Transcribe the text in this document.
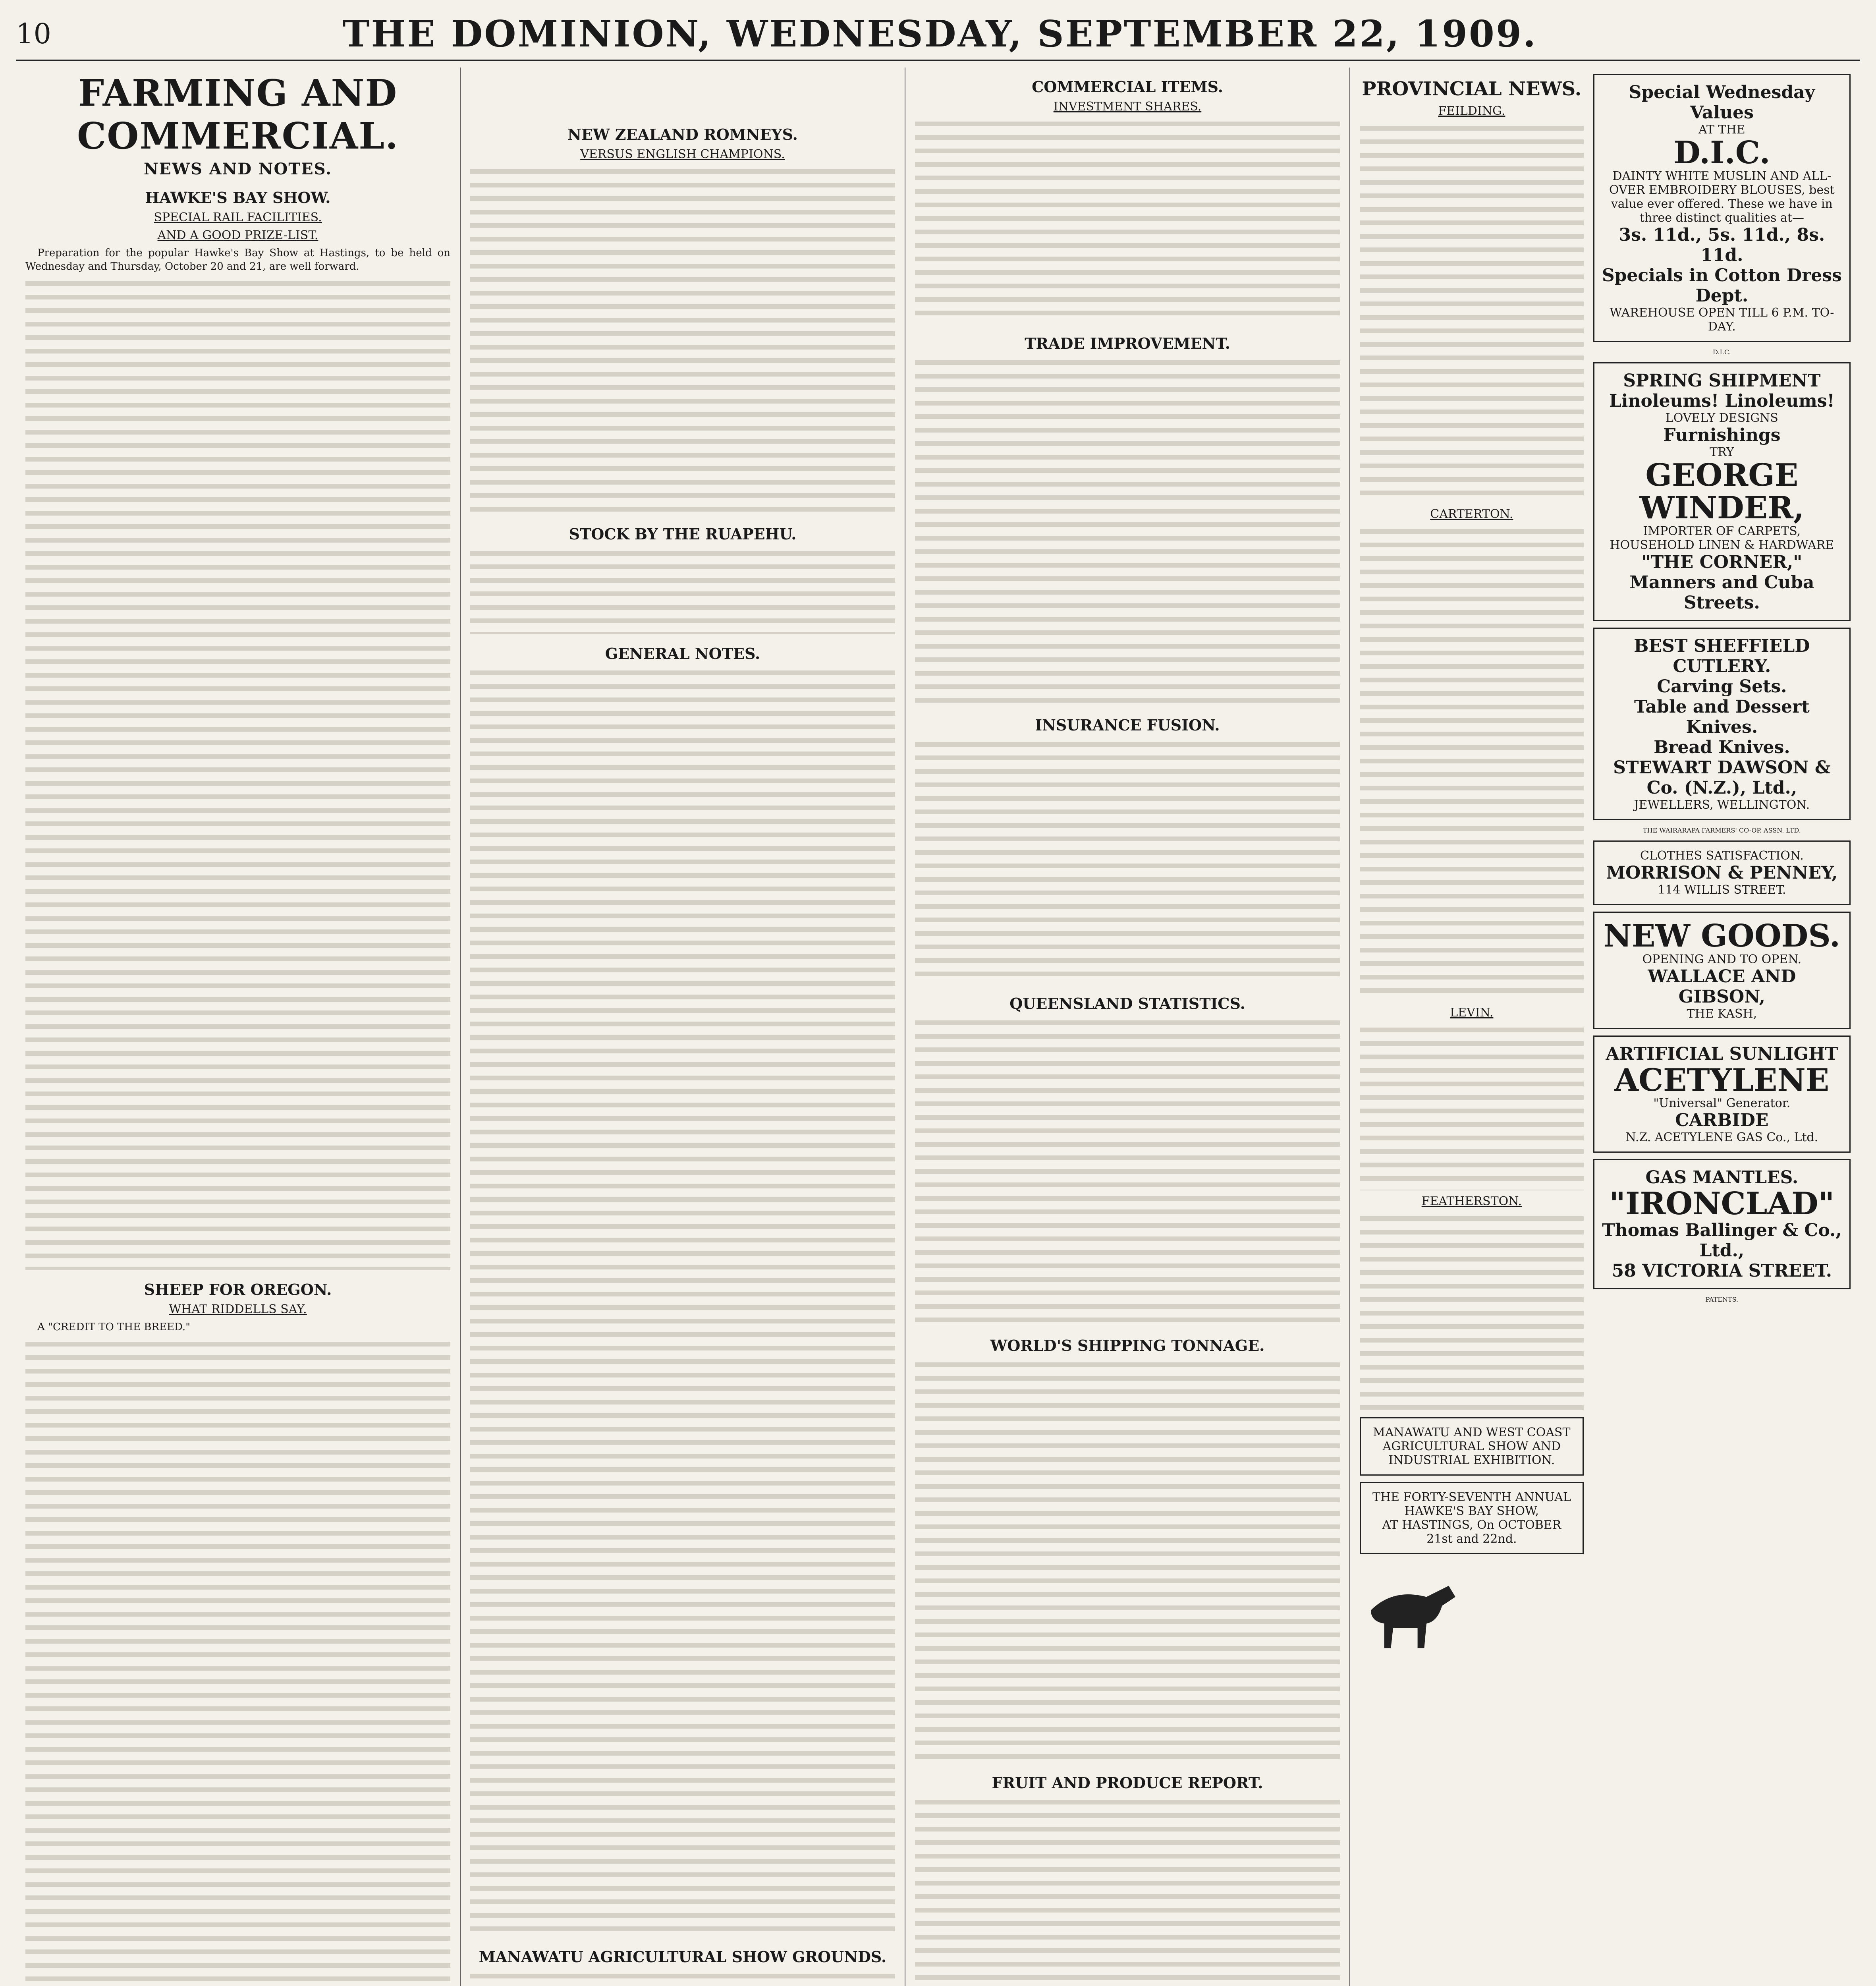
10	THE DOMINION, WEDNESDAY, SEPTEMBER 22, 1909.
FARMING AND COMMERCIAL.
NEWS AND NOTES.
HAWKE'S BAY SHOW.
SPECIAL RAIL FACILITIES.
AND A GOOD PRIZE-LIST.

Preparation for the popular Hawke's Bay Show at Hastings, to be held on Wednesday and Thursday, October 20 and 21, are well forward.

SHEEP FOR OREGON.
WHAT RIDDELLS SAY.

A "CREDIT TO THE BREED."

NEW ZEALAND ROMNEYS.
VERSUS ENGLISH CHAMPIONS.
STOCK BY THE RUAPEHU.
GENERAL NOTES.
MANAWATU AGRICULTURAL SHOW GROUNDS.
COMMERCIAL ITEMS.
INVESTMENT SHARES.
TRADE IMPROVEMENT.
INSURANCE FUSION.
QUEENSLAND STATISTICS.
WORLD'S SHIPPING TONNAGE.
FRUIT AND PRODUCE REPORT.
PROVINCIAL NEWS.
FEILDING.
CARTERTON.
LEVIN.
FEATHERSTON.
MANAWATU AND WEST COAST AGRICULTURAL SHOW AND INDUSTRIAL EXHIBITION.
THE FORTY-SEVENTH ANNUAL HAWKE'S BAY SHOW,
AT HASTINGS, On OCTOBER 21st and 22nd.
Special Wednesday Values
AT THE
D.I.C.
DAINTY WHITE MUSLIN AND ALL-OVER EMBROIDERY BLOUSES, best value ever offered. These we have in three distinct qualities at—
3s. 11d., 5s. 11d., 8s. 11d.
Specials in Cotton Dress Dept.
WAREHOUSE OPEN TILL 6 P.M. TO-DAY.
D.I.C.
SPRING SHIPMENT
Linoleums! Linoleums!
LOVELY DESIGNS
Furnishings
TRY
GEORGE WINDER,
IMPORTER OF CARPETS, HOUSEHOLD LINEN & HARDWARE
"THE CORNER,"
Manners and Cuba Streets.
BEST SHEFFIELD CUTLERY.
Carving Sets.
Table and Dessert Knives.
Bread Knives.
STEWART DAWSON & Co. (N.Z.), Ltd.,
JEWELLERS, WELLINGTON.
THE WAIRARAPA FARMERS' CO-OP. ASSN. LTD.
CLOTHES SATISFACTION.
MORRISON & PENNEY,
114 WILLIS STREET.
NEW GOODS.
OPENING AND TO OPEN.
WALLACE AND GIBSON,
THE KASH,
ARTIFICIAL SUNLIGHT
ACETYLENE
"Universal" Generator.
CARBIDE
N.Z. ACETYLENE GAS Co., Ltd.
GAS MANTLES.
"IRONCLAD"
Thomas Ballinger & Co., Ltd.,
58 VICTORIA STREET.
PATENTS.
